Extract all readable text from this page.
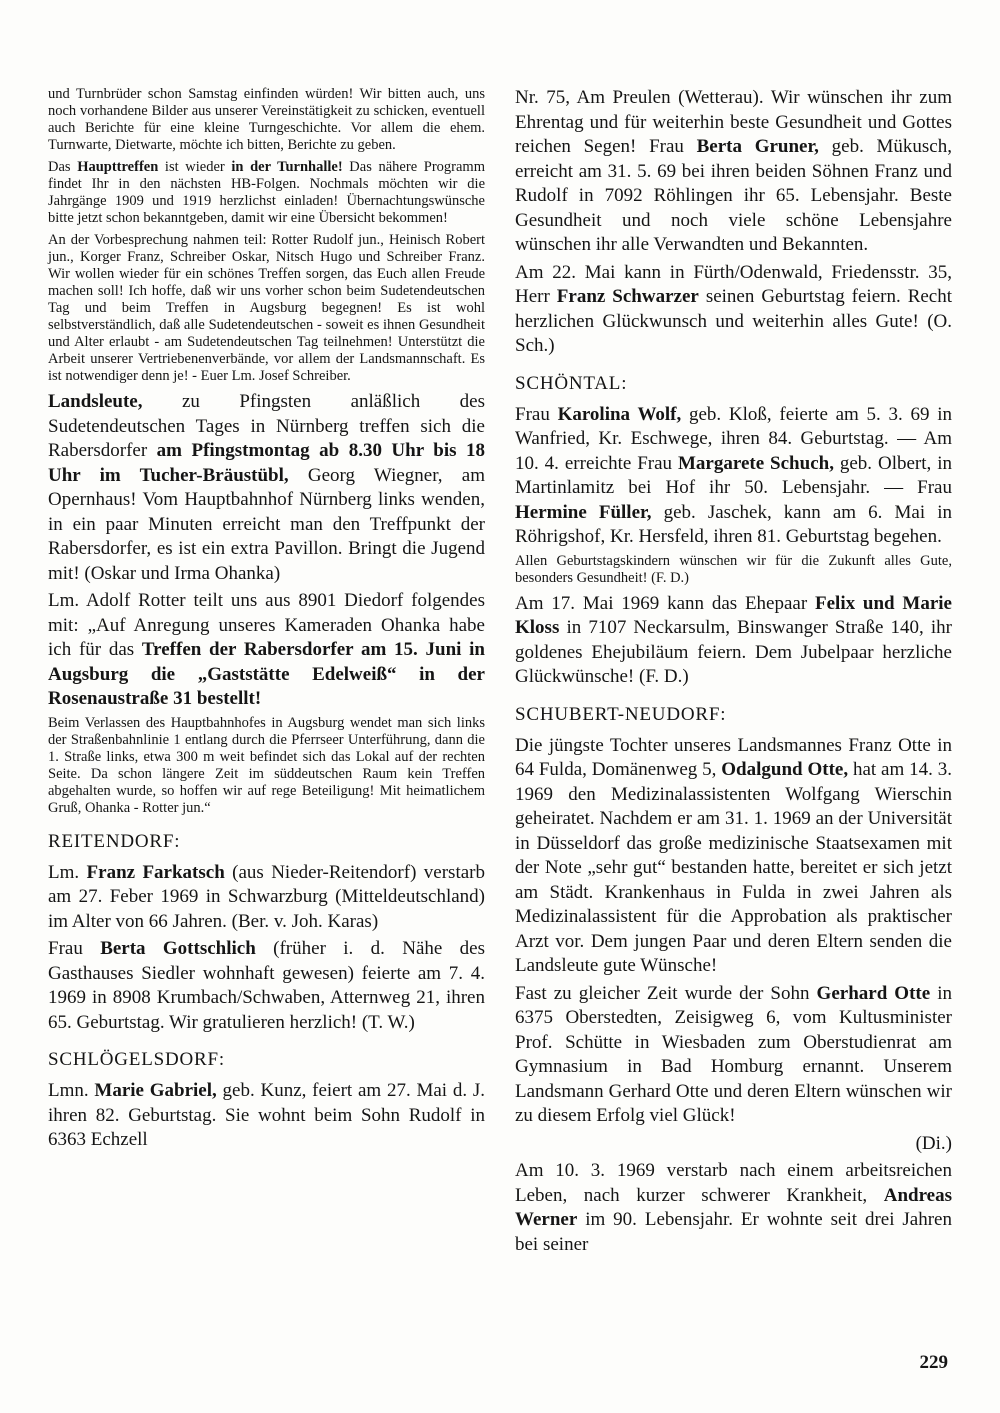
und Turnbrüder schon Samstag einfinden würden! Wir bitten auch, uns noch vorhandene Bilder aus unserer Vereinstätigkeit zu schicken, eventuell auch Berichte für eine kleine Turngeschichte. Vor allem die ehem. Turnwarte, Dietwarte, möchte ich bitten, Berichte zu geben.

Das Haupttreffen ist wieder in der Turnhalle! Das nähere Programm findet Ihr in den nächsten HB-Folgen. Nochmals möchten wir die Jahrgänge 1909 und 1919 herzlichst einladen! Übernachtungswünsche bitte jetzt schon bekanntgeben, damit wir eine Übersicht bekommen!

An der Vorbesprechung nahmen teil: Rotter Rudolf jun., Heinisch Robert jun., Korger Franz, Schreiber Oskar, Nitsch Hugo und Schreiber Franz. Wir wollen wieder für ein schönes Treffen sorgen, das Euch allen Freude machen soll! Ich hoffe, daß wir uns vorher schon beim Sudetendeutschen Tag und beim Treffen in Augsburg begegnen! Es ist wohl selbstverständlich, daß alle Sudetendeutschen - soweit es ihnen Gesundheit und Alter erlaubt - am Sudetendeutschen Tag teilnehmen! Unterstützt die Arbeit unserer Vertriebenenverbände, vor allem der Landsmannschaft. Es ist notwendiger denn je! - Euer Lm. Josef Schreiber.

Landsleute, zu Pfingsten anläßlich des Sudetendeutschen Tages in Nürnberg treffen sich die Rabersdorfer am Pfingstmontag ab 8.30 Uhr bis 18 Uhr im Tucher-Bräustübl, Georg Wiegner, am Opernhaus! Vom Hauptbahnhof Nürnberg links wenden, in ein paar Minuten erreicht man den Treffpunkt der Rabersdorfer, es ist ein extra Pavillon. Bringt die Jugend mit! (Oskar und Irma Ohanka)

Lm. Adolf Rotter teilt uns aus 8901 Diedorf folgendes mit: „Auf Anregung unseres Kameraden Ohanka habe ich für das Treffen der Rabersdorfer am 15. Juni in Augsburg die „Gaststätte Edelweiß“ in der Rosenaustraße 31 bestellt!

Beim Verlassen des Hauptbahnhofes in Augsburg wendet man sich links der Straßenbahnlinie 1 entlang durch die Pferrseer Unterführung, dann die 1. Straße links, etwa 300 m weit befindet sich das Lokal auf der rechten Seite. Da schon längere Zeit im süddeutschen Raum kein Treffen abgehalten wurde, so hoffen wir auf rege Beteiligung! Mit heimatlichem Gruß, Ohanka - Rotter jun.“

REITENDORF:

Lm. Franz Farkatsch (aus Nieder-Reitendorf) verstarb am 27. Feber 1969 in Schwarzburg (Mitteldeutschland) im Alter von 66 Jahren. (Ber. v. Joh. Karas)

Frau Berta Gottschlich (früher i. d. Nähe des Gasthauses Siedler wohnhaft gewesen) feierte am 7. 4. 1969 in 8908 Krumbach/Schwaben, Atternweg 21, ihren 65. Geburtstag. Wir gratulieren herzlich! (T. W.)

SCHLÖGELSDORF:

Lmn. Marie Gabriel, geb. Kunz, feiert am 27. Mai d. J. ihren 82. Geburtstag. Sie wohnt beim Sohn Rudolf in 6363 Echzell

Nr. 75, Am Preulen (Wetterau). Wir wünschen ihr zum Ehrentag und für weiterhin beste Gesundheit und Gottes reichen Segen! Frau Berta Gruner, geb. Mükusch, erreicht am 31. 5. 69 bei ihren beiden Söhnen Franz und Rudolf in 7092 Röhlingen ihr 65. Lebensjahr. Beste Gesundheit und noch viele schöne Lebensjahre wünschen ihr alle Verwandten und Bekannten.

Am 22. Mai kann in Fürth/Odenwald, Friedensstr. 35, Herr Franz Schwarzer seinen Geburtstag feiern. Recht herzlichen Glückwunsch und weiterhin alles Gute! (O. Sch.)

SCHÖNTAL:

Frau Karolina Wolf, geb. Kloß, feierte am 5. 3. 69 in Wanfried, Kr. Eschwege, ihren 84. Geburtstag. — Am 10. 4. erreichte Frau Margarete Schuch, geb. Olbert, in Martinlamitz bei Hof ihr 50. Lebensjahr. — Frau Hermine Füller, geb. Jaschek, kann am 6. Mai in Röhrigshof, Kr. Hersfeld, ihren 81. Geburtstag begehen.

Allen Geburtstagskindern wünschen wir für die Zukunft alles Gute, besonders Gesundheit! (F. D.)

Am 17. Mai 1969 kann das Ehepaar Felix und Marie Kloss in 7107 Neckarsulm, Binswanger Straße 140, ihr goldenes Ehejubiläum feiern. Dem Jubelpaar herzliche Glückwünsche! (F. D.)

SCHUBERT-NEUDORF:

Die jüngste Tochter unseres Landsmannes Franz Otte in 64 Fulda, Domänenweg 5, Odalgund Otte, hat am 14. 3. 1969 den Medizinalassistenten Wolfgang Wierschin geheiratet. Nachdem er am 31. 1. 1969 an der Universität in Düsseldorf das große medizinische Staatsexamen mit der Note „sehr gut“ bestanden hatte, bereitet er sich jetzt am Städt. Krankenhaus in Fulda in zwei Jahren als Medizinalassistent für die Approbation als praktischer Arzt vor. Dem jungen Paar und deren Eltern senden die Landsleute gute Wünsche!

Fast zu gleicher Zeit wurde der Sohn Gerhard Otte in 6375 Oberstedten, Zeisigweg 6, vom Kultusminister Prof. Schütte in Wiesbaden zum Oberstudienrat am Gymnasium in Bad Homburg ernannt. Unserem Landsmann Gerhard Otte und deren Eltern wünschen wir zu diesem Erfolg viel Glück!

(Di.)

Am 10. 3. 1969 verstarb nach einem arbeitsreichen Leben, nach kurzer schwerer Krankheit, Andreas Werner im 90. Lebensjahr. Er wohnte seit drei Jahren bei seiner

229
